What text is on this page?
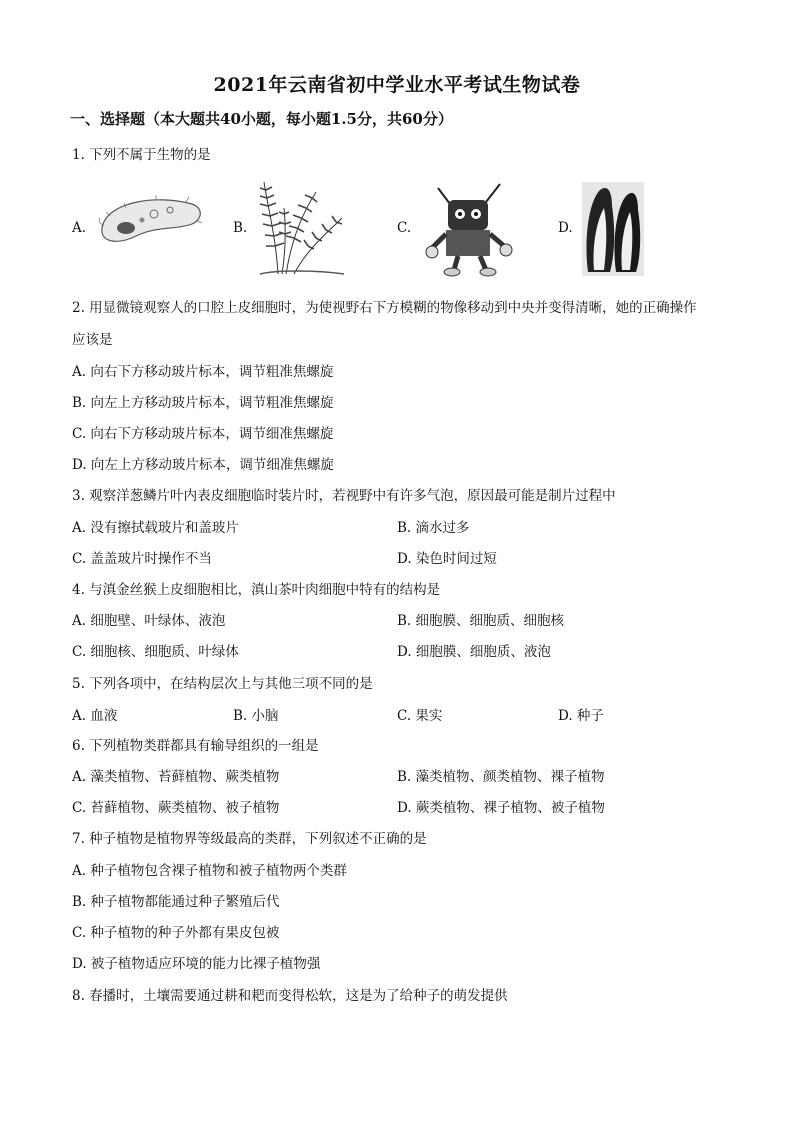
2021年云南省初中学业水平考试生物试卷
一、选择题（本大题共40小题，每小题1.5分，共60分）
1. 下列不属于生物的是
A.	B.	C.	D.
2. 用显微镜观察人的口腔上皮细胞时，为使视野右下方模糊的物像移动到中央并变得清晰，她的正确操作
应该是
A. 向右下方移动玻片标本，调节粗准焦螺旋
B. 向左上方移动玻片标本，调节粗准焦螺旋
C. 向右下方移动玻片标本，调节细准焦螺旋
D. 向左上方移动玻片标本，调节细准焦螺旋
3. 观察洋葱鳞片叶内表皮细胞临时装片时，若视野中有许多气泡，原因最可能是制片过程中
A. 没有擦拭载玻片和盖玻片	B. 滴水过多
C. 盖盖玻片时操作不当	D. 染色时间过短
4. 与滇金丝猴上皮细胞相比，滇山茶叶肉细胞中特有的结构是
A. 细胞壁、叶绿体、液泡	B. 细胞膜、细胞质、细胞核
C. 细胞核、细胞质、叶绿体	D. 细胞膜、细胞质、液泡
5. 下列各项中，在结构层次上与其他三项不同的是
A. 血液	B. 小脑	C. 果实	D. 种子
6. 下列植物类群都具有输导组织的一组是
A. 藻类植物、苔藓植物、蕨类植物	B. 藻类植物、颜类植物、裸子植物
C. 苔藓植物、蕨类植物、被子植物	D. 蕨类植物、裸子植物、被子植物
7. 种子植物是植物界等级最高的类群，下列叙述不正确的是
A. 种子植物包含裸子植物和被子植物两个类群
B. 种子植物都能通过种子繁殖后代
C. 种子植物的种子外都有果皮包被
D. 被子植物适应环境的能力比裸子植物强
8. 春播时，土壤需要通过耕和耙而变得松软，这是为了给种子的萌发提供
